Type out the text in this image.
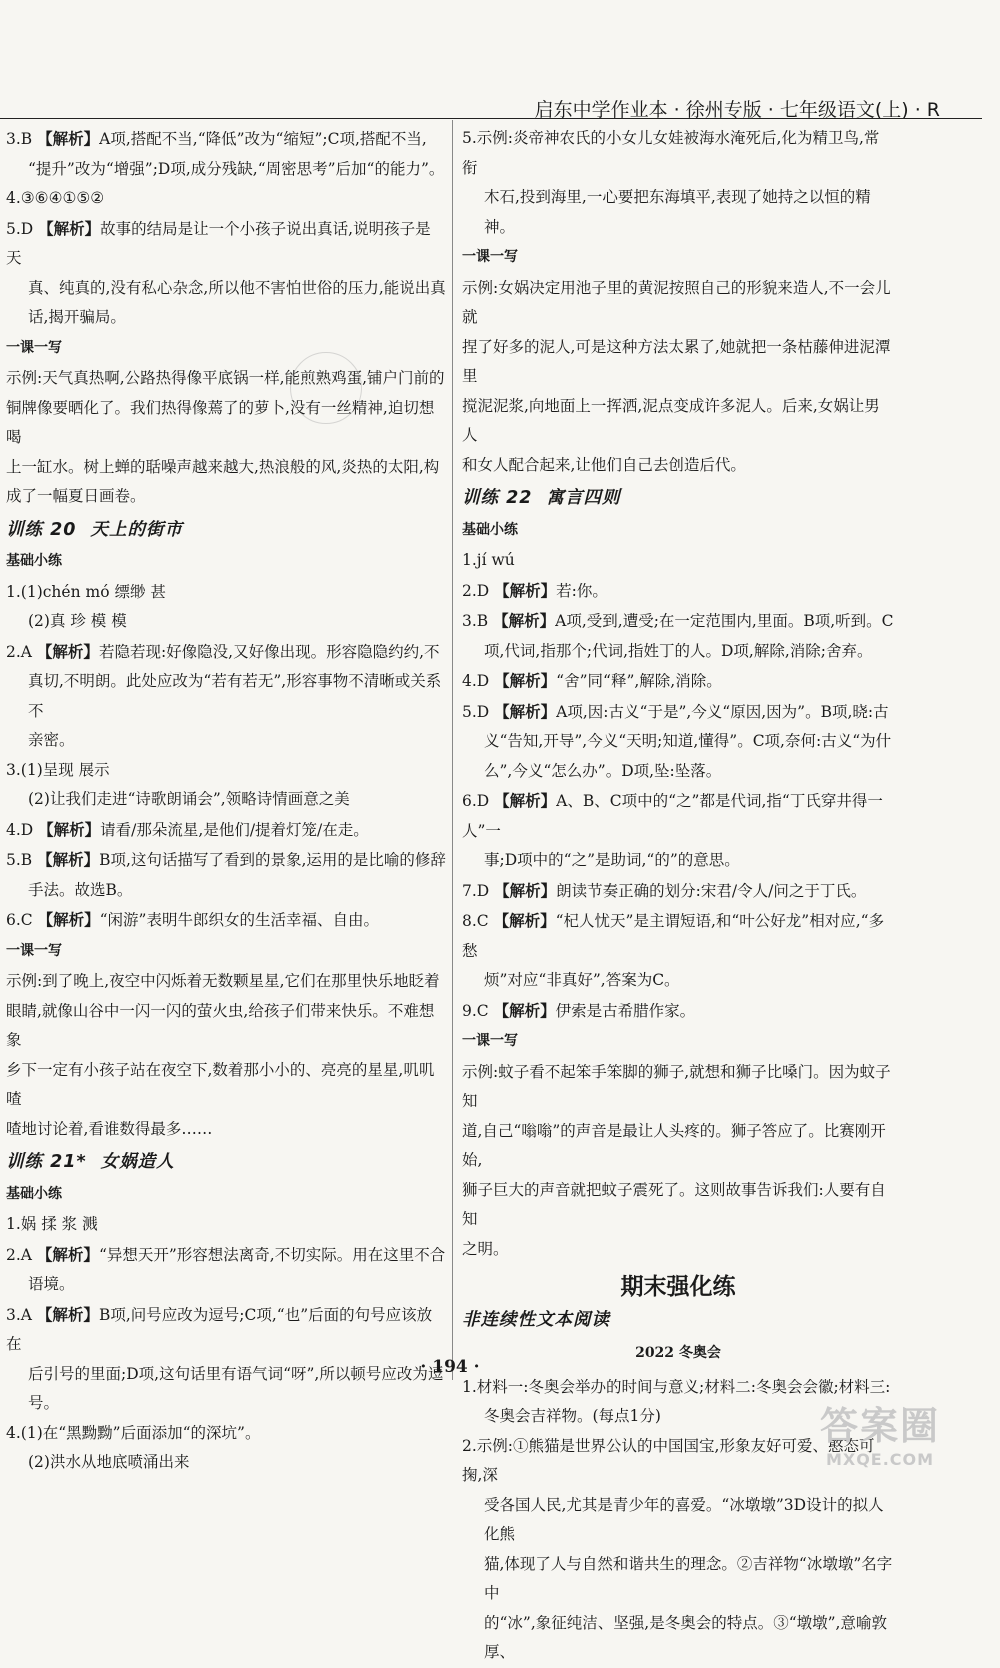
启东中学作业本 · 徐州专版 · 七年级语文(上) · R

3.B 【解析】A项,搭配不当,“降低”改为“缩短”;C项,搭配不当,

“提升”改为“增强”;D项,成分残缺,“周密思考”后加“的能力”。

4.③⑥④①⑤②

5.D 【解析】故事的结局是让一个小孩子说出真话,说明孩子是天

真、纯真的,没有私心杂念,所以他不害怕世俗的压力,能说出真

话,揭开骗局。

一课一写

示例:天气真热啊,公路热得像平底锅一样,能煎熟鸡蛋,铺户门前的

铜牌像要晒化了。我们热得像蔫了的萝卜,没有一丝精神,迫切想喝

上一缸水。树上蝉的聒噪声越来越大,热浪般的风,炎热的太阳,构

成了一幅夏日画卷。

训练 20 天上的街市

基础小练

1.(1)chén mó 缥缈 甚

(2)真 珍 模 模

2.A 【解析】若隐若现:好像隐没,又好像出现。形容隐隐约约,不

真切,不明朗。此处应改为“若有若无”,形容事物不清晰或关系不

亲密。

3.(1)呈现 展示

(2)让我们走进“诗歌朗诵会”,领略诗情画意之美

4.D 【解析】请看/那朵流星,是他们/提着灯笼/在走。

5.B 【解析】B项,这句话描写了看到的景象,运用的是比喻的修辞

手法。故选B。

6.C 【解析】“闲游”表明牛郎织女的生活幸福、自由。

一课一写

示例:到了晚上,夜空中闪烁着无数颗星星,它们在那里快乐地眨着

眼睛,就像山谷中一闪一闪的萤火虫,给孩子们带来快乐。不难想象

乡下一定有小孩子站在夜空下,数着那小小的、亮亮的星星,叽叽喳

喳地讨论着,看谁数得最多……

训练 21* 女娲造人

基础小练

1.娲 揉 浆 溅

2.A 【解析】“异想天开”形容想法离奇,不切实际。用在这里不合

语境。

3.A 【解析】B项,问号应改为逗号;C项,“也”后面的句号应该放在

后引号的里面;D项,这句话里有语气词“呀”,所以顿号应改为逗号。

4.(1)在“黑黝黝”后面添加“的深坑”。

(2)洪水从地底喷涌出来

5.示例:炎帝神农氏的小女儿女娃被海水淹死后,化为精卫鸟,常衔

木石,投到海里,一心要把东海填平,表现了她持之以恒的精神。

一课一写

示例:女娲决定用池子里的黄泥按照自己的形貌来造人,不一会儿就

捏了好多的泥人,可是这种方法太累了,她就把一条枯藤伸进泥潭里

搅泥泥浆,向地面上一挥洒,泥点变成许多泥人。后来,女娲让男人

和女人配合起来,让他们自己去创造后代。

训练 22 寓言四则

基础小练

1.jí wú

2.D 【解析】若:你。

3.B 【解析】A项,受到,遭受;在一定范围内,里面。B项,听到。C

项,代词,指那个;代词,指姓丁的人。D项,解除,消除;舍弃。

4.D 【解析】“舍”同“释”,解除,消除。

5.D 【解析】A项,因:古义“于是”,今义“原因,因为”。B项,晓:古

义“告知,开导”,今义“天明;知道,懂得”。C项,奈何:古义“为什

么”,今义“怎么办”。D项,坠:坠落。

6.D 【解析】A、B、C项中的“之”都是代词,指“丁氏穿井得一人”一

事;D项中的“之”是助词,“的”的意思。

7.D 【解析】朗读节奏正确的划分:宋君/令人/问之于丁氏。

8.C 【解析】“杞人忧天”是主谓短语,和“叶公好龙”相对应,“多愁

烦”对应“非真好”,答案为C。

9.C 【解析】伊索是古希腊作家。

一课一写

示例:蚊子看不起笨手笨脚的狮子,就想和狮子比嗓门。因为蚊子知

道,自己“嗡嗡”的声音是最让人头疼的。狮子答应了。比赛刚开始,

狮子巨大的声音就把蚊子震死了。这则故事告诉我们:人要有自知

之明。

期末强化练

非连续性文本阅读

2022 冬奥会

1.材料一:冬奥会举办的时间与意义;材料二:冬奥会会徽;材料三:

冬奥会吉祥物。(每点1分)

2.示例:①熊猫是世界公认的中国国宝,形象友好可爱、憨态可掬,深

受各国人民,尤其是青少年的喜爱。“冰墩墩”3D设计的拟人化熊

猫,体现了人与自然和谐共生的理念。②吉祥物“冰墩墩”名字中

的“冰”,象征纯洁、坚强,是冬奥会的特点。③“墩墩”,意喻敦厚、

· 194 ·
答案圈
MXQE.COM
